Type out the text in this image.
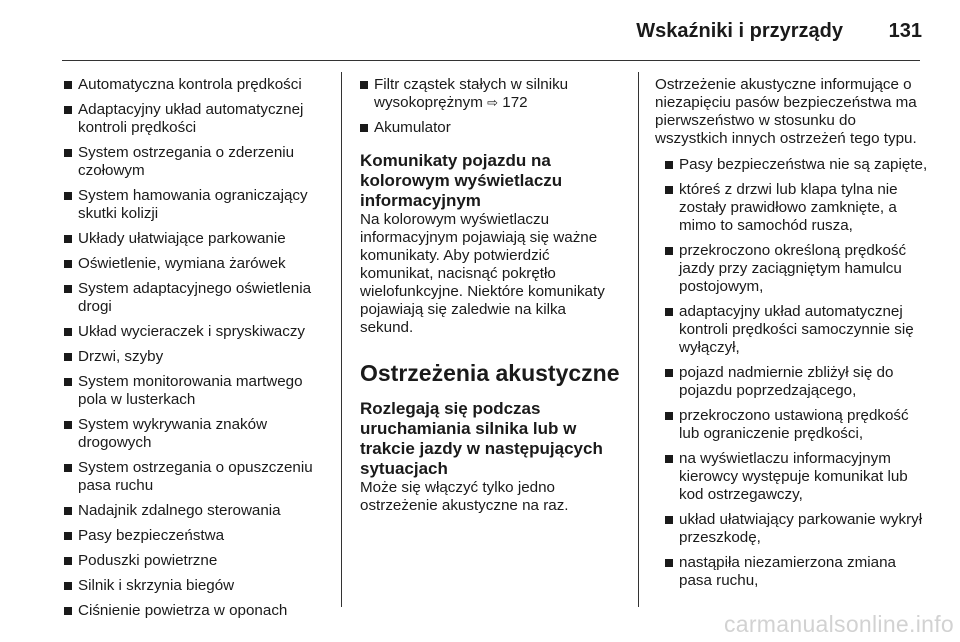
Wskaźniki i przyrządy 131
Automatyczna kontrola prędkości
Adaptacyjny układ automatycznej kontroli prędkości
System ostrzegania o zderzeniu czołowym
System hamowania ograniczający skutki kolizji
Układy ułatwiające parkowanie
Oświetlenie, wymiana żarówek
System adaptacyjnego oświetlenia drogi
Układ wycieraczek i spryskiwaczy
Drzwi, szyby
System monitorowania martwego pola w lusterkach
System wykrywania znaków drogowych
System ostrzegania o opuszczeniu pasa ruchu
Nadajnik zdalnego sterowania
Pasy bezpieczeństwa
Poduszki powietrzne
Silnik i skrzynia biegów
Ciśnienie powietrza w oponach
Filtr cząstek stałych w silniku wysokoprężnym ⇨ 172
Akumulator
Komunikaty pojazdu na kolorowym wyświetlaczu informacyjnym

Na kolorowym wyświetlaczu informacyjnym pojawiają się ważne komunikaty. Aby potwierdzić komunikat, nacisnąć pokrętło wielofunkcyjne. Niektóre komunikaty pojawiają się zaledwie na kilka sekund.

Ostrzeżenia akustyczne
Rozlegają się podczas uruchamiania silnika lub w trakcie jazdy w następujących sytuacjach

Może się włączyć tylko jedno ostrzeżenie akustyczne na raz.

Ostrzeżenie akustyczne informujące o niezapięciu pasów bezpieczeństwa ma pierwszeństwo w stosunku do wszystkich innych ostrzeżeń tego typu.

Pasy bezpieczeństwa nie są zapięte,
któreś z drzwi lub klapa tylna nie zostały prawidłowo zamknięte, a mimo to samochód rusza,
przekroczono określoną prędkość jazdy przy zaciągniętym hamulcu postojowym,
adaptacyjny układ automatycznej kontroli prędkości samoczynnie się wyłączył,
pojazd nadmiernie zbliżył się do pojazdu poprzedzającego,
przekroczono ustawioną prędkość lub ograniczenie prędkości,
na wyświetlaczu informacyjnym kierowcy występuje komunikat lub kod ostrzegawczy,
układ ułatwiający parkowanie wykrył przeszkodę,
nastąpiła niezamierzona zmiana pasa ruchu,
carmanualsonline.info
